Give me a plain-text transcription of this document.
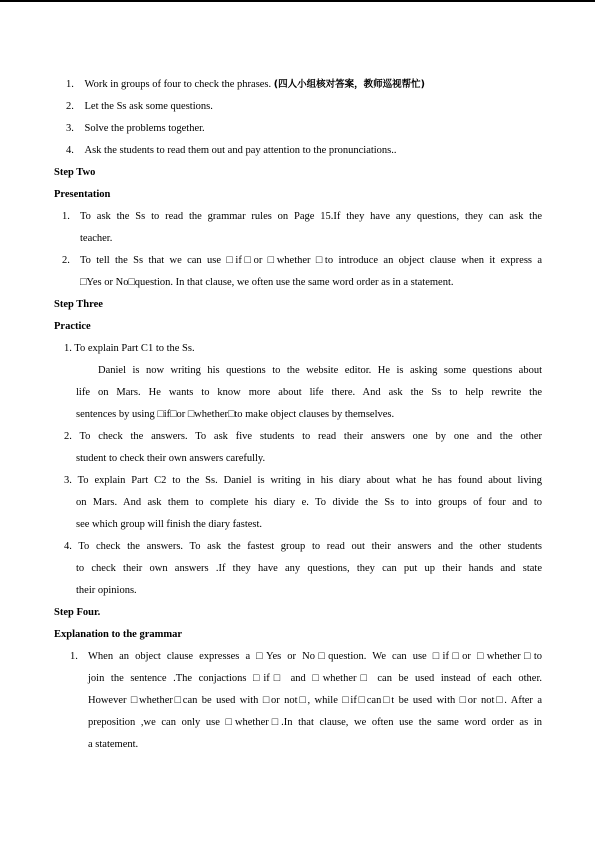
1. Work in groups of four to check the phrases. (四人小组核对答案，教师巡视帮忙)
2. Let the Ss ask some questions.
3. Solve the problems together.
4. Ask the students to read them out and pay attention to the pronunciations..
Step Two
Presentation
1. To ask the Ss to read the grammar rules on Page 15.If they have any questions, they can ask the
teacher.
2. To tell the Ss that we can use □if□or □whether □to introduce an object clause when it express a
□Yes or No□question. In that clause, we often use the same word order as in a statement.
Step Three
Practice
1. To explain Part C1 to the Ss.
Daniel is now writing his questions to the website editor. He is asking some questions about
life on Mars. He wants to know more about life there. And ask the Ss to help rewrite the
sentences by using □if□or □whether□to make object clauses by themselves.
2. To check the answers. To ask five students to read their answers one by one and the other
student to check their own answers carefully.
3. To explain Part C2 to the Ss. Daniel is writing in his diary about what he has found about living
on Mars. And ask them to complete his diary e. To divide the Ss to into groups of four and to
see which group will finish the diary fastest.
4. To check the answers. To ask the fastest group to read out their answers and the other students
to check their own answers .If they have any questions, they can put up their hands and state
their opinions.
Step Four.
Explanation to the grammar
1. When an object clause expresses a □Yes or No□question. We can use □if□or □whether□to
join the sentence .The conjactions □if□ and □whether□ can be used instead of each other.
However □whether□can be used with □or not□, while □if□can□t be used with □or not□. After a
preposition ,we can only use □whether□.In that clause, we often use the same word order as in
a statement.
